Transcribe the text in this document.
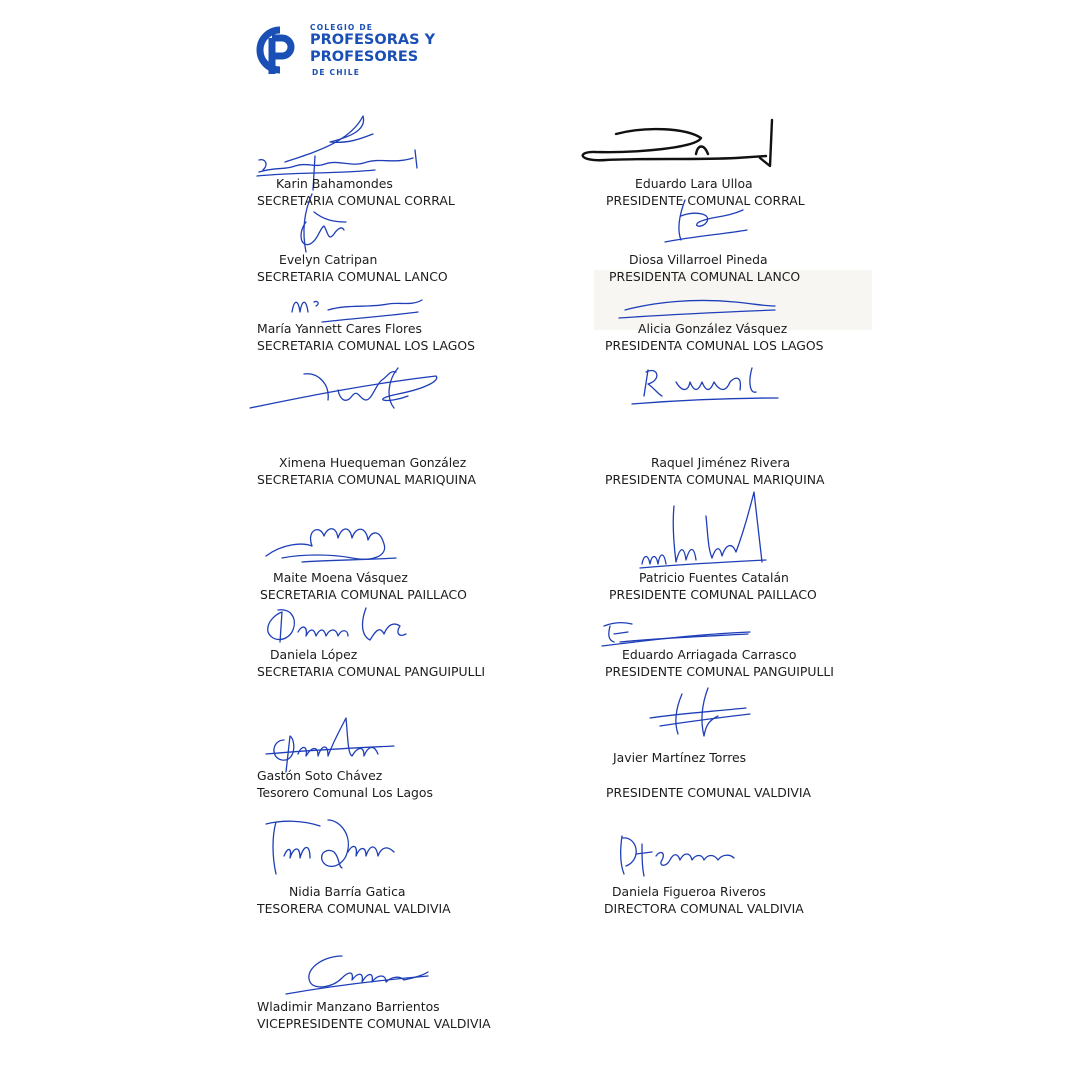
COLEGIO DE
PROFESORAS Y
PROFESORES
DE CHILE
Karin Bahamondes
SECRETARIA COMUNAL CORRAL
Eduardo Lara Ulloa
PRESIDENTE COMUNAL CORRAL
Evelyn Catripan
SECRETARIA COMUNAL LANCO
Diosa Villarroel Pineda
PRESIDENTA COMUNAL LANCO
María Yannett Cares Flores
SECRETARIA COMUNAL LOS LAGOS
Alicia González Vásquez
PRESIDENTA COMUNAL LOS LAGOS
Ximena Huequeman González
SECRETARIA COMUNAL MARIQUINA
Raquel Jiménez Rivera
PRESIDENTA COMUNAL MARIQUINA
Maite Moena Vásquez
SECRETARIA COMUNAL PAILLACO
Patricio Fuentes Catalán
PRESIDENTE COMUNAL PAILLACO
Daniela López
SECRETARIA COMUNAL PANGUIPULLI
Eduardo Arriagada Carrasco
PRESIDENTE COMUNAL PANGUIPULLI
Gastón Soto Chávez
Tesorero Comunal Los Lagos
Javier Martínez Torres
PRESIDENTE COMUNAL VALDIVIA
Nidia Barría Gatica
TESORERA COMUNAL VALDIVIA
Daniela Figueroa Riveros
DIRECTORA COMUNAL VALDIVIA
Wladimir Manzano Barrientos
VICEPRESIDENTE COMUNAL VALDIVIA
